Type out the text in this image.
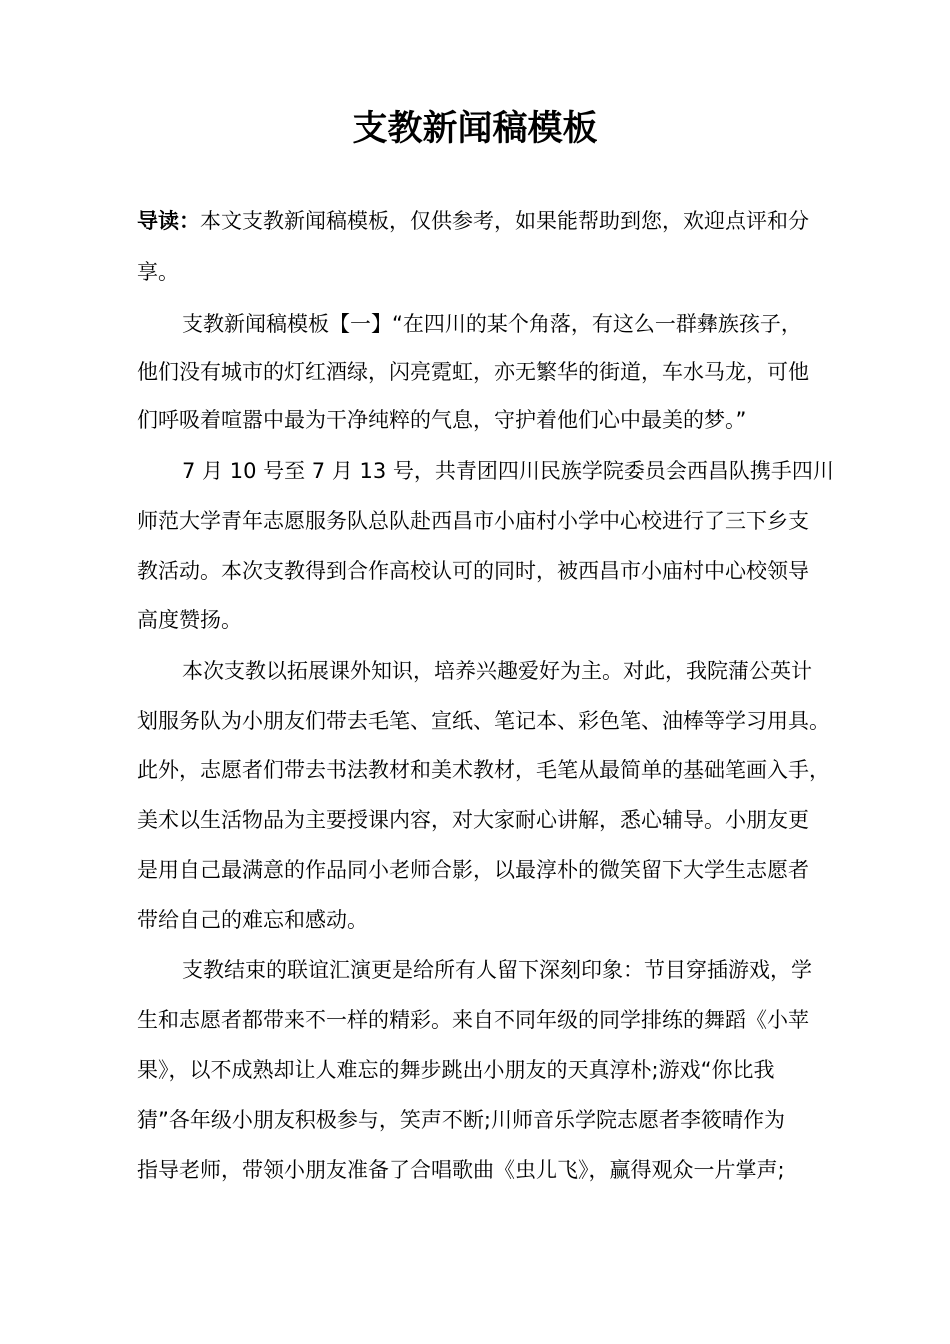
支教新闻稿模板

导读：本文支教新闻稿模板，仅供参考，如果能帮助到您，欢迎点评和分

享。

支教新闻稿模板【一】“在四川的某个角落，有这么一群彝族孩子，

他们没有城市的灯红酒绿，闪亮霓虹，亦无繁华的街道，车水马龙，可他

们呼吸着喧嚣中最为干净纯粹的气息，守护着他们心中最美的梦。”

7 月 10 号至 7 月 13 号，共青团四川民族学院委员会西昌队携手四川

师范大学青年志愿服务队总队赴西昌市小庙村小学中心校进行了三下乡支

教活动。本次支教得到合作高校认可的同时，被西昌市小庙村中心校领导

高度赞扬。

本次支教以拓展课外知识，培养兴趣爱好为主。对此，我院蒲公英计

划服务队为小朋友们带去毛笔、宣纸、笔记本、彩色笔、油棒等学习用具。

此外，志愿者们带去书法教材和美术教材，毛笔从最简单的基础笔画入手，

美术以生活物品为主要授课内容，对大家耐心讲解，悉心辅导。小朋友更

是用自己最满意的作品同小老师合影，以最淳朴的微笑留下大学生志愿者

带给自己的难忘和感动。

支教结束的联谊汇演更是给所有人留下深刻印象：节目穿插游戏，学

生和志愿者都带来不一样的精彩。来自不同年级的同学排练的舞蹈《小苹

果》，以不成熟却让人难忘的舞步跳出小朋友的天真淳朴;游戏“你比我

猜”各年级小朋友积极参与，笑声不断;川师音乐学院志愿者李筱晴作为

指导老师，带领小朋友准备了合唱歌曲《虫儿飞》，赢得观众一片掌声;
